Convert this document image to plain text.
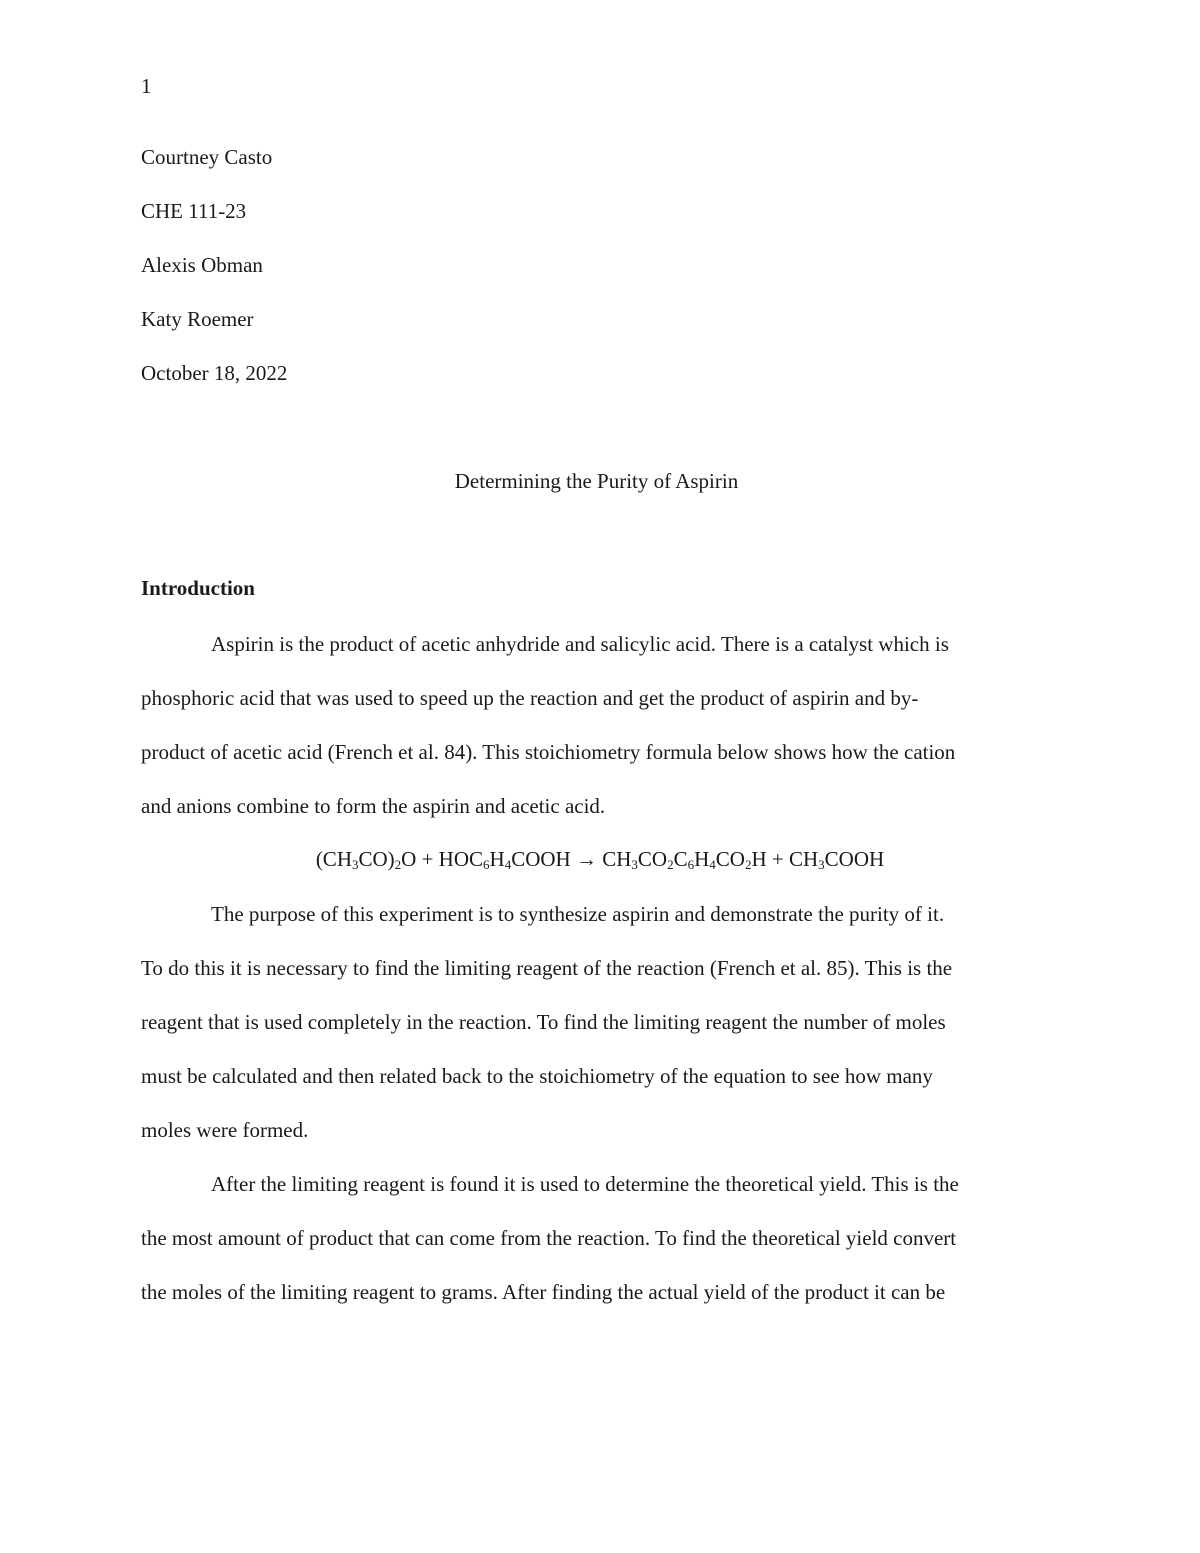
1
Courtney Casto
CHE 111-23
Alexis Obman
Katy Roemer
October 18, 2022
Determining the Purity of Aspirin
Introduction
Aspirin is the product of acetic anhydride and salicylic acid. There is a catalyst which is
phosphoric acid that was used to speed up the reaction and get the product of aspirin and by-
product of acetic acid (French et al. 84). This stoichiometry formula below shows how the cation
and anions combine to form the aspirin and acetic acid.
$(CH_3CO)_2O$ + $HOC_6H_4COOH \to CH_3CO_2C_6H_4CO_2H$ + $CH_3COOH$
The purpose of this experiment is to synthesize aspirin and demonstrate the purity of it.
To do this it is necessary to find the limiting reagent of the reaction (French et al. 85). This is the
reagent that is used completely in the reaction. To find the limiting reagent the number of moles
must be calculated and then related back to the stoichiometry of the equation to see how many
moles were formed.
After the limiting reagent is found it is used to determine the theoretical yield. This is the
the most amount of product that can come from the reaction. To find the theoretical yield convert
the moles of the limiting reagent to grams. After finding the actual yield of the product it can be
